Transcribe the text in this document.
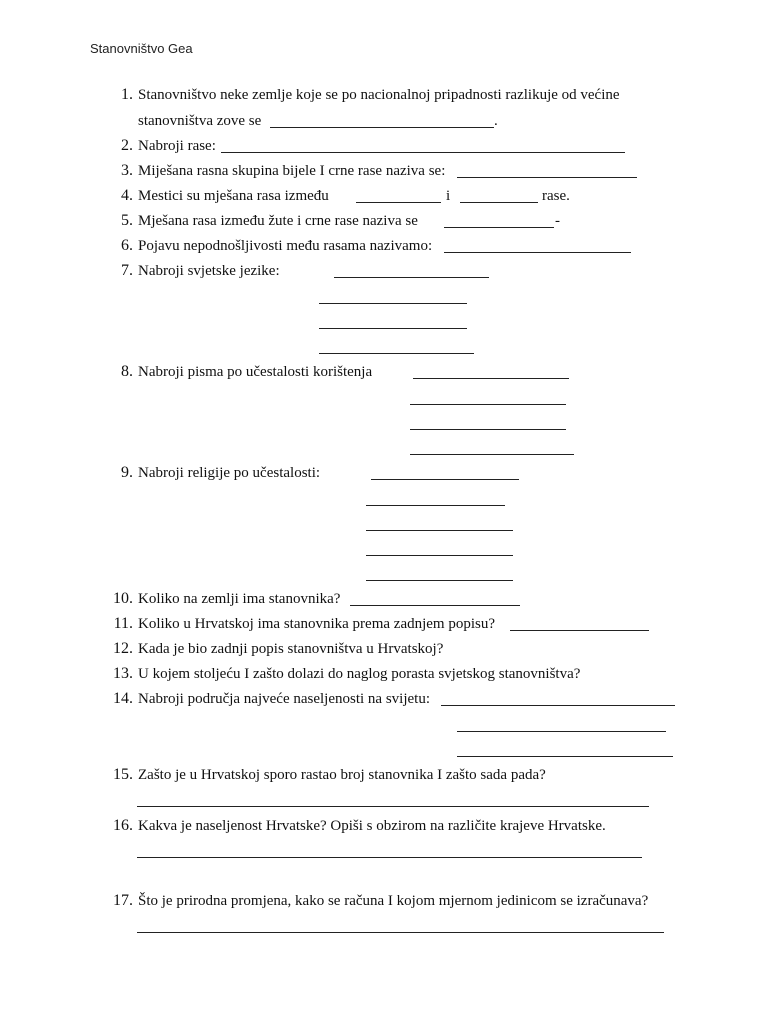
Stanovništvo Gea
1. Stanovništvo neke zemlje koje se po nacionalnoj pripadnosti razlikuje od većine
stanovništva zove se	.
2. Nabroji rase:
3. Miješana rasna skupina bijele I crne rase naziva se:
4. Mestici su mješana rasa između	i	rase.
5. Mješana rasa između žute i crne rase naziva se	-
6. Pojavu nepodnošljivosti među rasama nazivamo:
7. Nabroji svjetske jezike:
8. Nabroji pisma po učestalosti korištenja
9. Nabroji religije po učestalosti:
10. Koliko na zemlji ima stanovnika?
11. Koliko u Hrvatskoj ima stanovnika prema zadnjem popisu?
12. Kada je bio zadnji popis stanovništva u Hrvatskoj?
13. U kojem stoljeću I zašto dolazi do naglog porasta svjetskog stanovništva?
14. Nabroji područja najveće naseljenosti na svijetu:
15. Zašto je u Hrvatskoj sporo rastao broj stanovnika I zašto sada pada?
16. Kakva je naseljenost Hrvatske? Opiši s obzirom na različite krajeve Hrvatske.
17. Što je prirodna promjena, kako se računa I kojom mjernom jedinicom se izračunava?
